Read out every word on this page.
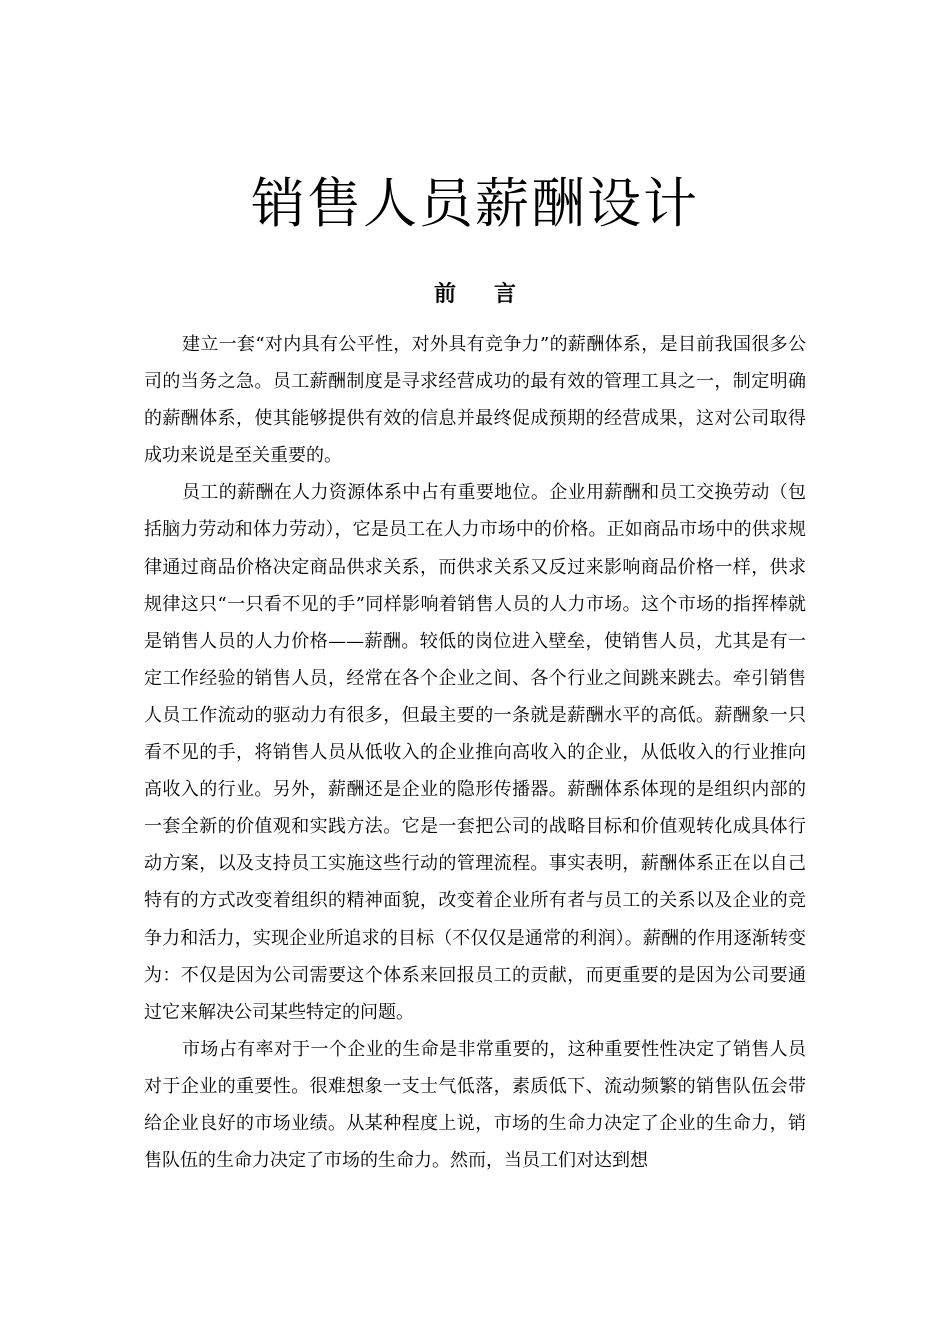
销售人员薪酬设计
前 言

建立一套“对内具有公平性，对外具有竞争力”的薪酬体系，是目前我国很多公司的当务之急。员工薪酬制度是寻求经营成功的最有效的管理工具之一，制定明确的薪酬体系，使其能够提供有效的信息并最终促成预期的经营成果，这对公司取得成功来说是至关重要的。

员工的薪酬在人力资源体系中占有重要地位。企业用薪酬和员工交换劳动（包括脑力劳动和体力劳动），它是员工在人力市场中的价格。正如商品市场中的供求规律通过商品价格决定商品供求关系，而供求关系又反过来影响商品价格一样，供求规律这只“一只看不见的手”同样影响着销售人员的人力市场。这个市场的指挥棒就是销售人员的人力价格——薪酬。较低的岗位进入壁垒，使销售人员，尤其是有一定工作经验的销售人员，经常在各个企业之间、各个行业之间跳来跳去。牵引销售人员工作流动的驱动力有很多，但最主要的一条就是薪酬水平的高低。薪酬象一只看不见的手，将销售人员从低收入的企业推向高收入的企业，从低收入的行业推向高收入的行业。另外，薪酬还是企业的隐形传播器。薪酬体系体现的是组织内部的一套全新的价值观和实践方法。它是一套把公司的战略目标和价值观转化成具体行动方案，以及支持员工实施这些行动的管理流程。事实表明，薪酬体系正在以自己特有的方式改变着组织的精神面貌，改变着企业所有者与员工的关系以及企业的竞争力和活力，实现企业所追求的目标（不仅仅是通常的利润）。薪酬的作用逐渐转变为：不仅是因为公司需要这个体系来回报员工的贡献，而更重要的是因为公司要通过它来解决公司某些特定的问题。

市场占有率对于一个企业的生命是非常重要的，这种重要性性决定了销售人员对于企业的重要性。很难想象一支士气低落，素质低下、流动频繁的销售队伍会带给企业良好的市场业绩。从某种程度上说，市场的生命力决定了企业的生命力，销售队伍的生命力决定了市场的生命力。然而，当员工们对达到想
